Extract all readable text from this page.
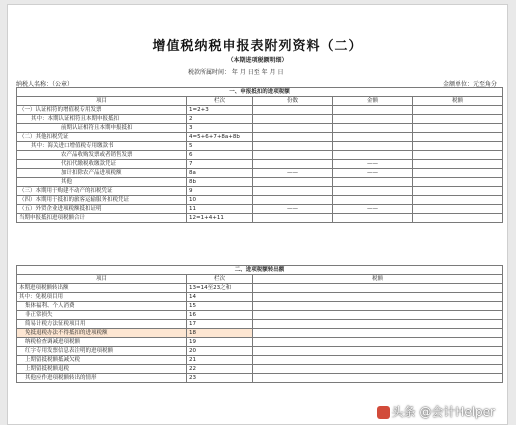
增值税纳税申报表附列资料（二）
（本期进项税额明细）
税款所属时间： 年 月 日至 年 月 日
纳税人名称：（公章）	金额单位：元至角分
一、申报抵扣的进项税额				
项目	栏次	份数	金额	税额
（一）认证相符的增值税专用发票	1=2+3			
其中：本期认证相符且本期申报抵扣	2			
前期认证相符且本期申报抵扣	3			
（二）其他扣税凭证	4=5+6+7+8a+8b			
其中：海关进口增值税专用缴款书	5			
农产品收购发票或者销售发票	6			
代扣代缴税收缴款凭证	7		——	
加计扣除农产品进项税额	8a	——	——	
其他	8b			
（三）本期用于购建不动产的扣税凭证	9			
（四）本期用于抵扣的旅客运输服务扣税凭证	10			
（五）外贸企业进项税额抵扣证明	11	——	——	
当期申报抵扣进项税额合计	12=1+4+11			
二、进项税额转出额		
项目	栏次	税额
本期进项税额转出额	13=14至23之和	
其中：免税项目用	14	
集体福利、个人消费	15	
非正常损失	16	
简易计税方法征税项目用	17	
免抵退税办法不得抵扣的进项税额	18	
纳税检查调减进项税额	19	
红字专用发票信息表注明的进项税额	20	
上期留抵税额抵减欠税	21	
上期留抵税额退税	22	
其他应作进项税额转出的情形	23	
头条 @会计Helper
